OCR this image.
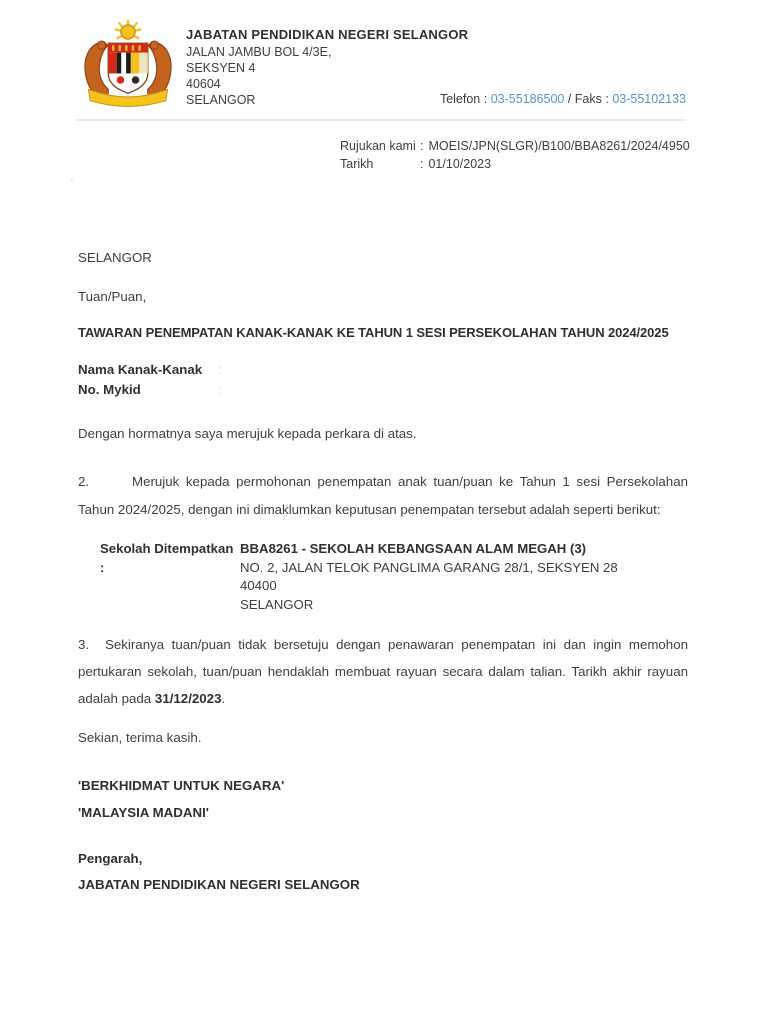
JABATAN PENDIDIKAN NEGERI SELANGOR
JALAN JAMBU BOL 4/3E,
SEKSYEN 4
40604
SELANGOR	Telefon : 03-55186500 / Faks : 03-55102133
Rujukan kami : MOEIS/JPN(SLGR)/B100/BBA8261/2024/4950
Tarikh	: 01/10/2023
,
SELANGOR
Tuan/Puan,
TAWARAN PENEMPATAN KANAK-KANAK KE TAHUN 1 SESI PERSEKOLAHAN TAHUN 2024/2025
Nama Kanak-Kanak :
No. Mykid	:
Dengan hormatnya saya merujuk kepada perkara di atas.
2.	Merujuk kepada permohonan penempatan anak tuan/puan ke Tahun 1 sesi Persekolahan Tahun 2024/2025, dengan ini dimaklumkan keputusan penempatan tersebut adalah seperti berikut:
Sekolah Ditempatkan :
BBA8261 - SEKOLAH KEBANGSAAN ALAM MEGAH (3)
NO. 2, JALAN TELOK PANGLIMA GARANG 28/1, SEKSYEN 28
40400
SELANGOR
3. Sekiranya tuan/puan tidak bersetuju dengan penawaran penempatan ini dan ingin memohon pertukaran sekolah, tuan/puan hendaklah membuat rayuan secara dalam talian. Tarikh akhir rayuan adalah pada 31/12/2023.
Sekian, terima kasih.
'BERKHIDMAT UNTUK NEGARA'
'MALAYSIA MADANI'
Pengarah,
JABATAN PENDIDIKAN NEGERI SELANGOR
